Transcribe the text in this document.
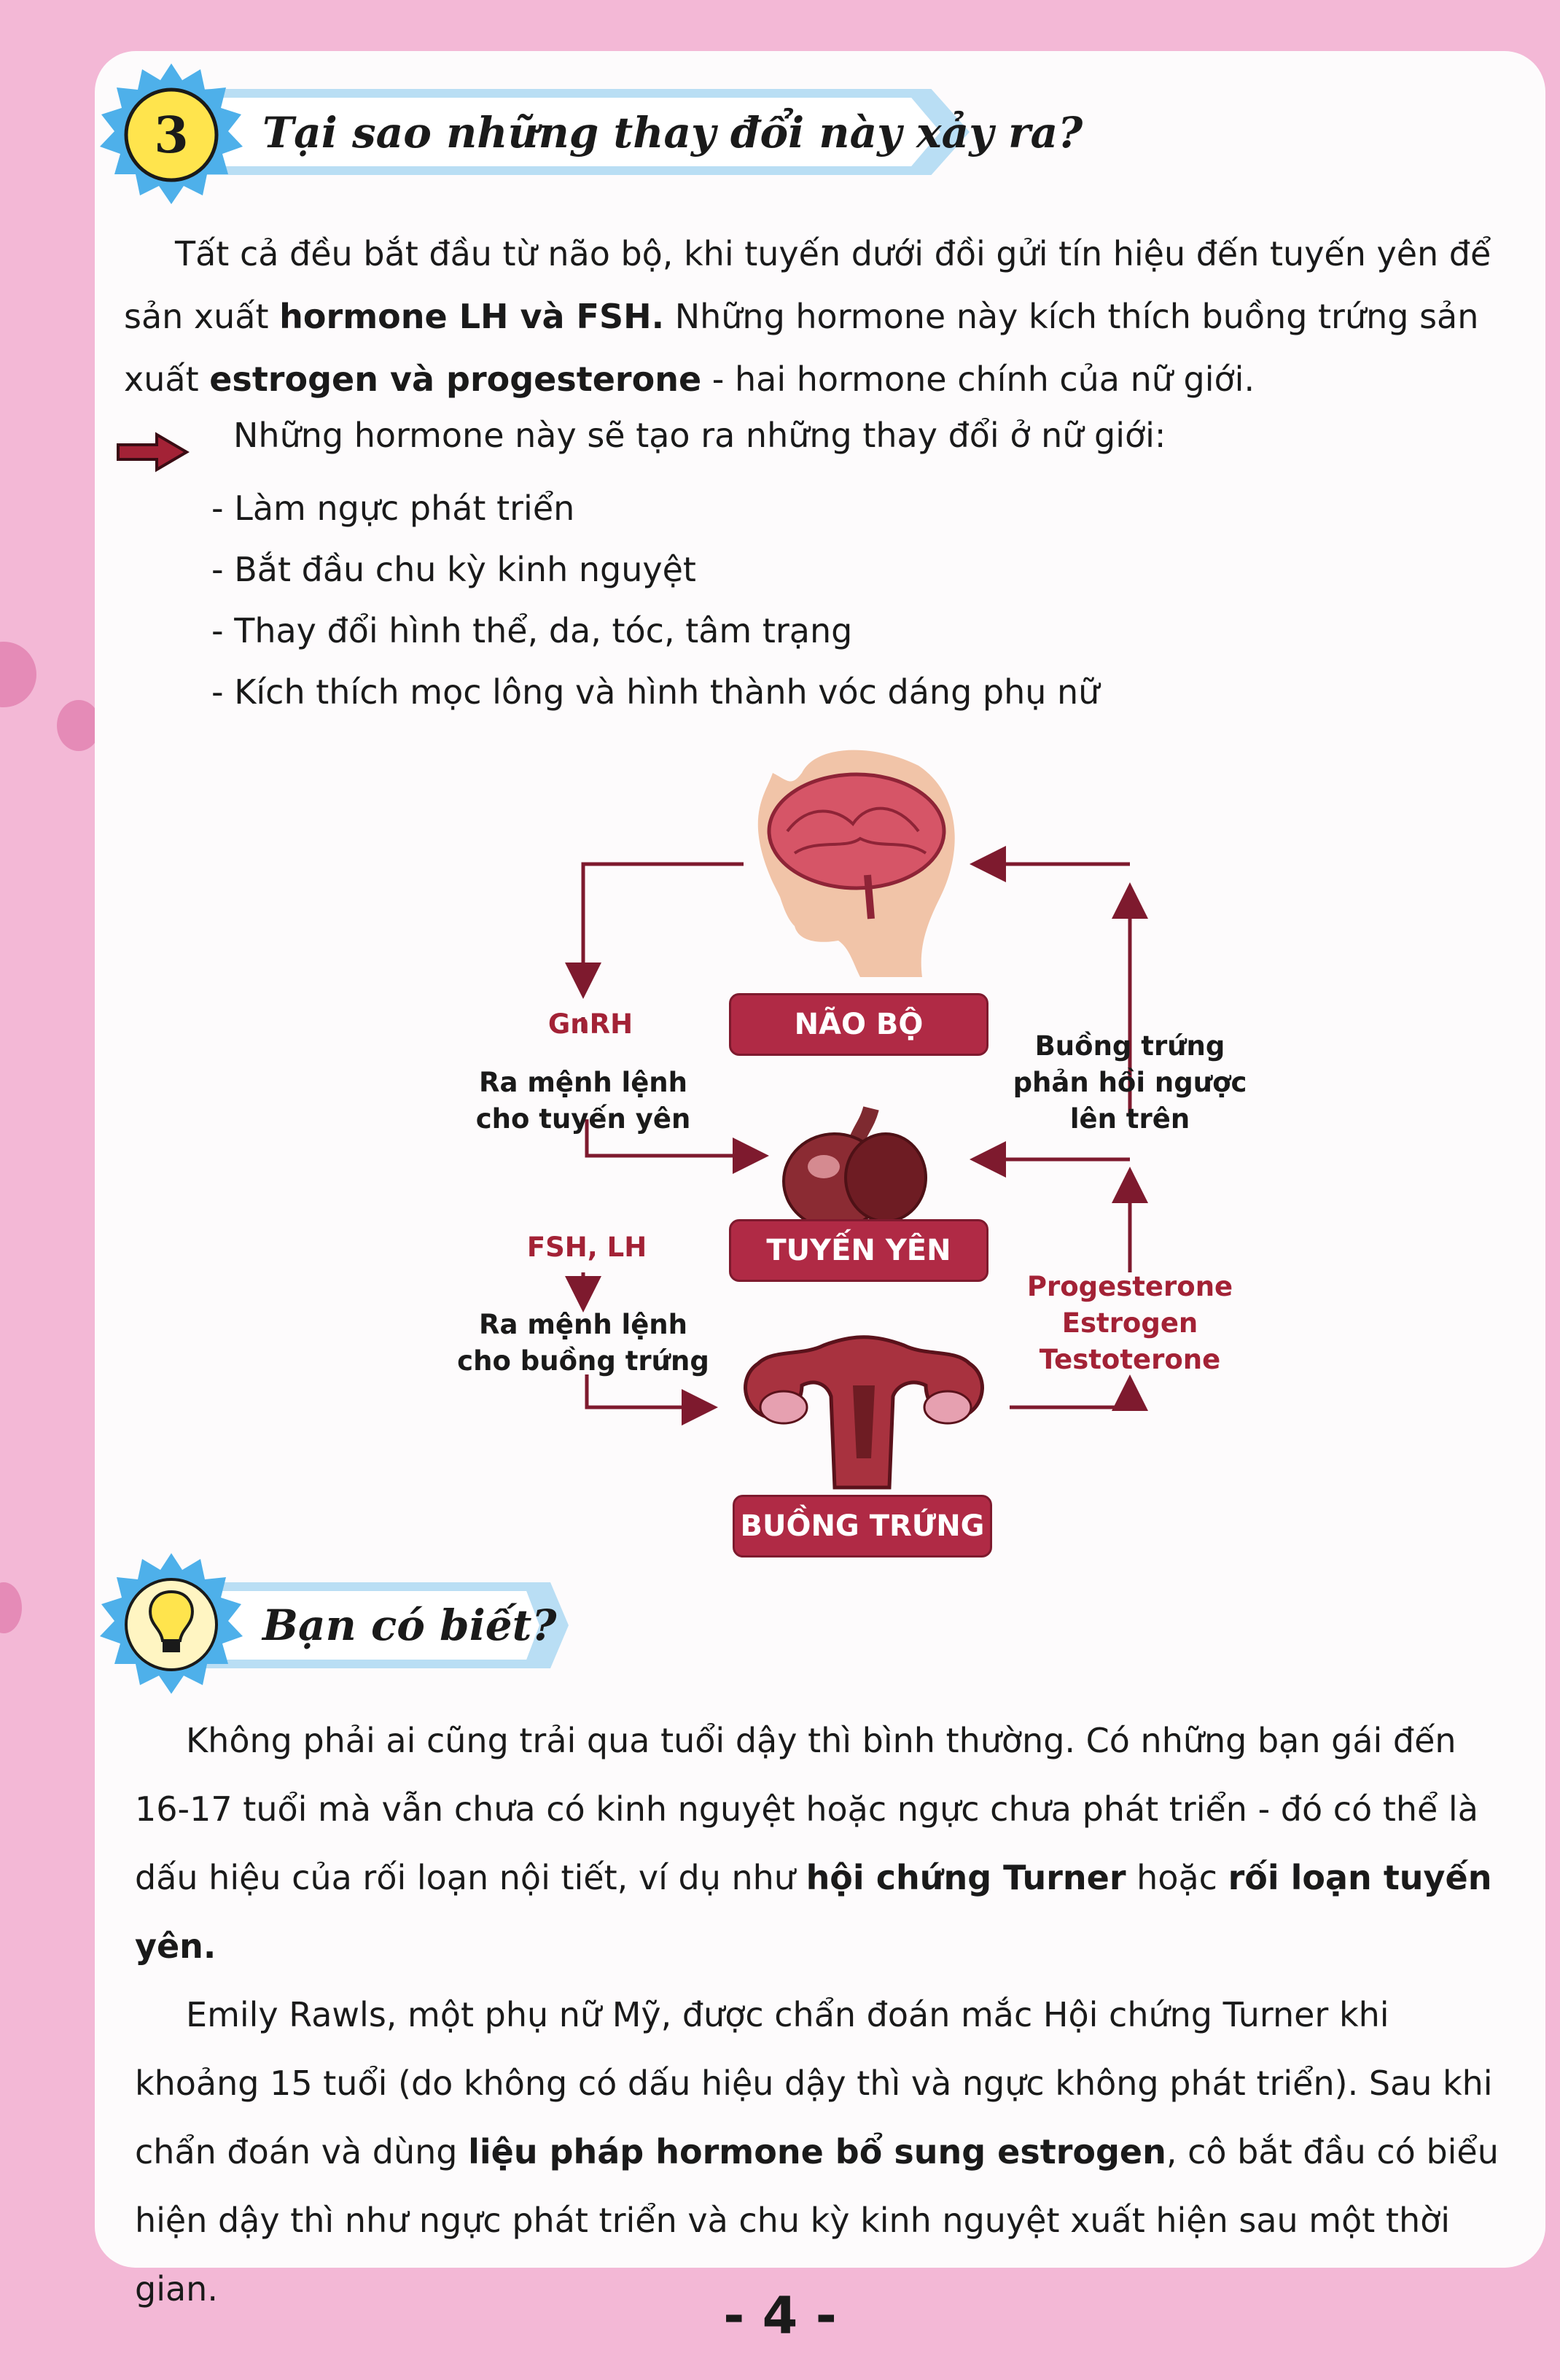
3 Tại sao những thay đổi này xảy ra?

Tất cả đều bắt đầu từ não bộ, khi tuyến dưới đồi gửi tín hiệu đến tuyến yên để sản xuất hormone LH và FSH. Những hormone này kích thích buồng trứng sản xuất estrogen và progesterone - hai hormone chính của nữ giới.

Những hormone này sẽ tạo ra những thay đổi ở nữ giới:
- Làm ngực phát triển
- Bắt đầu chu kỳ kinh nguyệt
- Thay đổi hình thể, da, tóc, tâm trạng
- Kích thích mọc lông và hình thành vóc dáng phụ nữ
NÃO BỘ
TUYẾN YÊN
BUỒNG TRỨNG
GnRH
Ra mệnh lệnh
cho tuyến yên
FSH, LH
Ra mệnh lệnh
cho buồng trứng
Buồng trứng
phản hồi ngược
lên trên
Progesterone
Estrogen
Testoterone
Bạn có biết?

Không phải ai cũng trải qua tuổi dậy thì bình thường. Có những bạn gái đến 16-17 tuổi mà vẫn chưa có kinh nguyệt hoặc ngực chưa phát triển - đó có thể là dấu hiệu của rối loạn nội tiết, ví dụ như hội chứng Turner hoặc rối loạn tuyến yên.

Emily Rawls, một phụ nữ Mỹ, được chẩn đoán mắc Hội chứng Turner khi khoảng 15 tuổi (do không có dấu hiệu dậy thì và ngực không phát triển). Sau khi chẩn đoán và dùng liệu pháp hormone bổ sung estrogen, cô bắt đầu có biểu hiện dậy thì như ngực phát triển và chu kỳ kinh nguyệt xuất hiện sau một thời gian.	- 4 -
